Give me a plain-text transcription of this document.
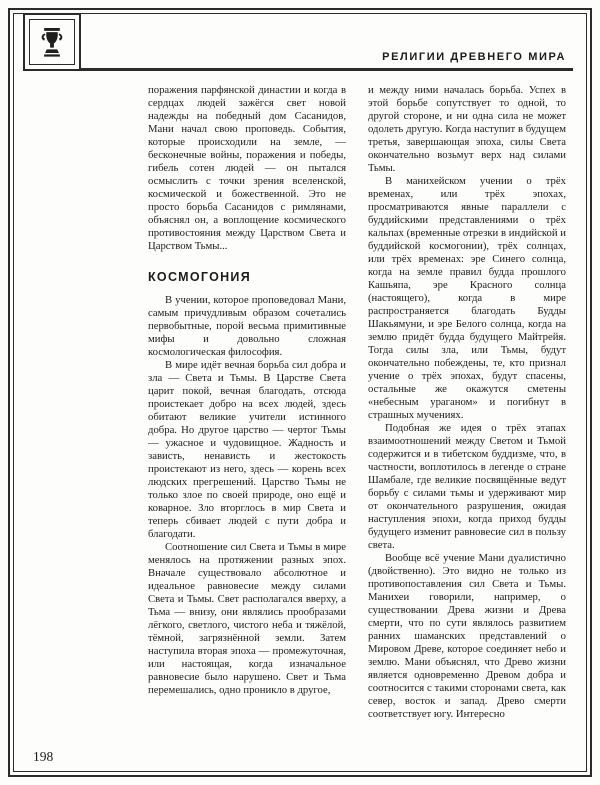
РЕЛИГИИ ДРЕВНЕГО МИРА

поражения парфянской династии и когда в сердцах людей зажёгся свет новой надежды на победный дом Сасанидов, Мани начал свою проповедь. События, которые происходили на земле, — бесконечные войны, поражения и победы, гибель сотен людей — он пытался осмыслить с точки зрения вселенской, космической и божественной. Это не просто борьба Сасанидов с римлянами, объяснял он, а воплощение космического противостояния между Царством Света и Царством Тьмы...

КОСМОГОНИЯ

В учении, которое проповедовал Мани, самым причудливым образом сочетались первобытные, порой весьма примитивные мифы и довольно сложная космологическая философия.

В мире идёт вечная борьба сил добра и зла — Света и Тьмы. В Царстве Света царит покой, вечная благодать, отсюда проистекает добро на всех людей, здесь обитают великие учители истинного добра. Но другое царство — чертог Тьмы — ужасное и чудовищное. Жадность и зависть, ненависть и жестокость проистекают из него, здесь — корень всех людских прегрешений. Царство Тьмы не только злое по своей природе, оно ещё и коварное. Зло вторглось в мир Света и теперь сбивает людей с пути добра и благодати.

Соотношение сил Света и Тьмы в мире менялось на протяжении разных эпох. Вначале существовало абсолютное и идеальное равновесие между силами Света и Тьмы. Свет располагался вверху, а Тьма — внизу, они являлись прообразами лёгкого, светлого, чистого неба и тяжёлой, тёмной, загрязнённой земли. Затем наступила вторая эпоха — промежуточная, или настоящая, когда изначальное равновесие было нарушено. Свет и Тьма перемешались, одно проникло в другое,

и между ними началась борьба. Успех в этой борьбе сопутствует то одной, то другой стороне, и ни одна сила не может одолеть другую. Когда наступит в будущем третья, завершающая эпоха, силы Света окончательно возьмут верх над силами Тьмы.

В манихейском учении о трёх временах, или трёх эпохах, просматриваются явные параллели с буддийскими представлениями о трёх кальпах (временные отрезки в индийской и буддийской космогонии), трёх солнцах, или трёх временах: эре Синего солнца, когда на земле правил будда прошлого Кашьяпа, эре Красного солнца (настоящего), когда в мире распространяется благодать Будды Шакьямуни, и эре Белого солнца, когда на землю придёт будда будущего Майтрейя. Тогда силы зла, или Тьмы, будут окончательно побеждены, те, кто признал учение о трёх эпохах, будут спасены, остальные же окажутся сметены «небесным ураганом» и погибнут в страшных мучениях.

Подобная же идея о трёх этапах взаимоотношений между Светом и Тьмой содержится и в тибетском буддизме, что, в частности, воплотилось в легенде о стране Шамбале, где великие посвящённые ведут борьбу с силами тьмы и удерживают мир от окончательного разрушения, ожидая наступления эпохи, когда приход будды будущего изменит равновесие сил в пользу света.

Вообще всё учение Мани дуалистично (двойственно). Это видно не только из противопоставления сил Света и Тьмы. Манихеи говорили, например, о существовании Древа жизни и Древа смерти, что по сути являлось развитием ранних шаманских представлений о Мировом Древе, которое соединяет небо и землю. Мани объяснял, что Древо жизни является одновременно Древом добра и соотносится с такими сторонами света, как север, восток и запад. Древо смерти соответствует югу. Интересно

198
